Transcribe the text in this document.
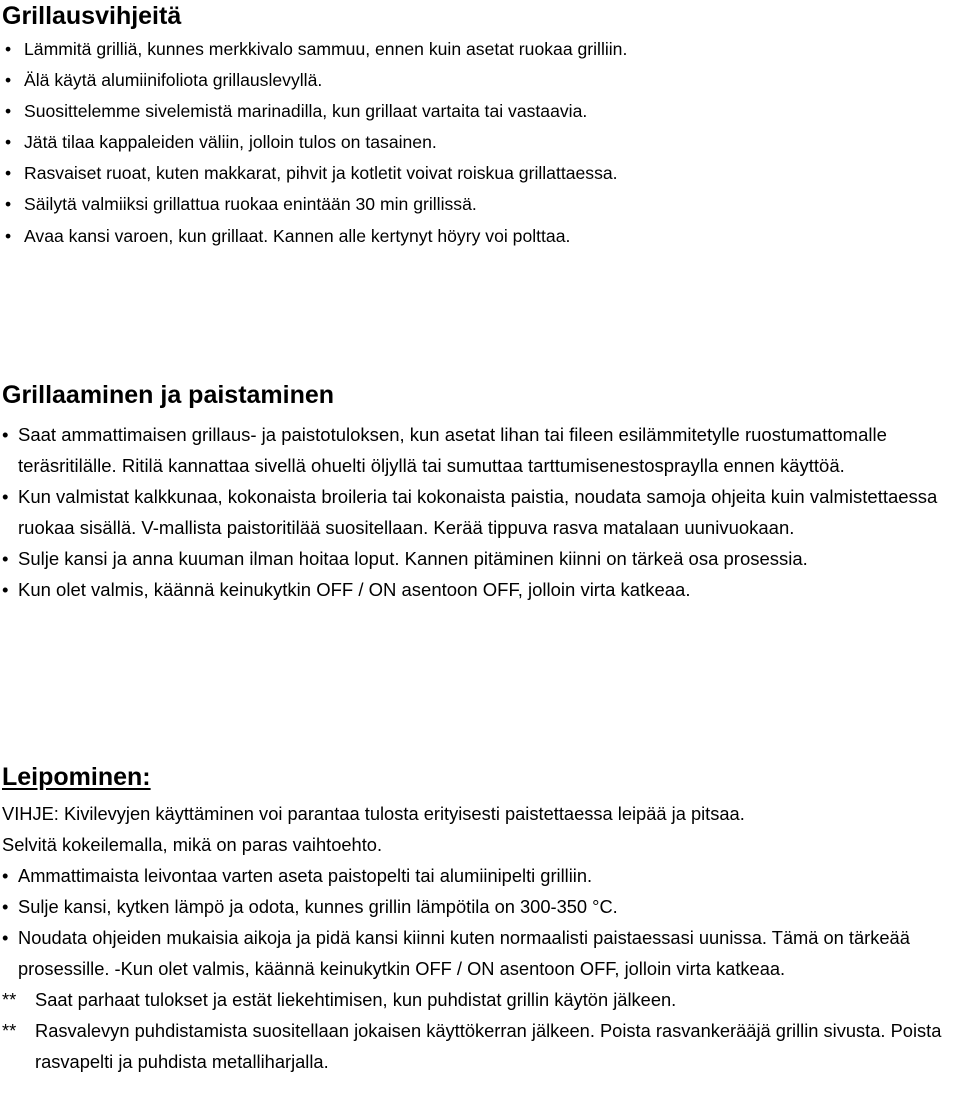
Grillausvihjeitä
• Lämmitä grilliä, kunnes merkkivalo sammuu, ennen kuin asetat ruokaa grilliin.
• Älä käytä alumiinifoliota grillauslevyllä.
• Suosittelemme sivelemistä marinadilla, kun grillaat vartaita tai vastaavia.
• Jätä tilaa kappaleiden väliin, jolloin tulos on tasainen.
• Rasvaiset ruoat, kuten makkarat, pihvit ja kotletit voivat roiskua grillattaessa.
• Säilytä valmiiksi grillattua ruokaa enintään 30 min grillissä.
• Avaa kansi varoen, kun grillaat. Kannen alle kertynyt höyry voi polttaa.
Grillaaminen ja paistaminen
• Saat ammattimaisen grillaus- ja paistotuloksen, kun asetat lihan tai fileen esilämmitetylle ruostumattomalle teräsritilälle. Ritilä kannattaa sivellä ohuelti öljyllä tai sumuttaa tarttumisenestospraylla ennen käyttöä.
• Kun valmistat kalkkunaa, kokonaista broileria tai kokonaista paistia, noudata samoja ohjeita kuin valmistettaessa ruokaa sisällä. V-mallista paistoritilää suositellaan. Kerää tippuva rasva matalaan uunivuokaan.
• Sulje kansi ja anna kuuman ilman hoitaa loput. Kannen pitäminen kiinni on tärkeä osa prosessia.
• Kun olet valmis, käännä keinukytkin OFF / ON asentoon OFF, jolloin virta katkeaa.
Leipominen:
VIHJE: Kivilevyjen käyttäminen voi parantaa tulosta erityisesti paistettaessa leipää ja pitsaa.
Selvitä kokeilemalla, mikä on paras vaihtoehto.
• Ammattimaista leivontaa varten aseta paistopelti tai alumiinipelti grilliin.
• Sulje kansi, kytken lämpö ja odota, kunnes grillin lämpötila on 300-350 °C.
• Noudata ohjeiden mukaisia aikoja ja pidä kansi kiinni kuten normaalisti paistaessasi uunissa. Tämä on tärkeää prosessille. -Kun olet valmis, käännä keinukytkin OFF / ON asentoon OFF, jolloin virta katkeaa.
** Saat parhaat tulokset ja estät liekehtimisen, kun puhdistat grillin käytön jälkeen.
** Rasvalevyn puhdistamista suositellaan jokaisen käyttökerran jälkeen. Poista rasvankerääjä grillin sivusta. Poista rasvapelti ja puhdista metalliharjalla.
